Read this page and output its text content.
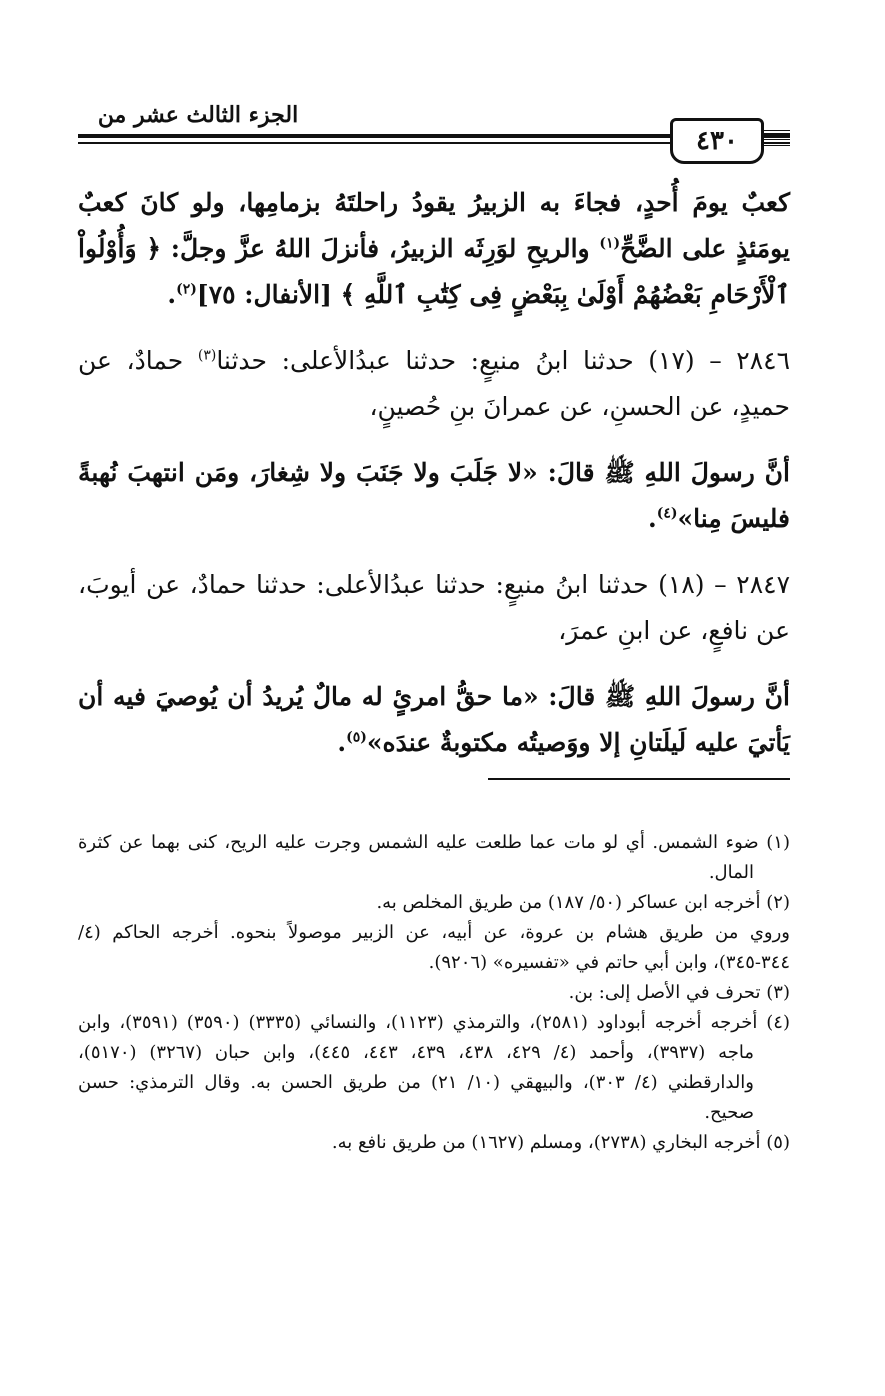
٤٣٠
الجزء الثالث عشر من

كعبٌ يومَ أُحدٍ، فجاءَ به الزبيرُ يقودُ راحلتَهُ بزمامِها، ولو كانَ كعبٌ يومَئذٍ على الضَّحِّ$^{(١)}$ والريحِ لوَرِثَه الزبيرُ، فأنزلَ اللهُ عزَّ وجلَّ: ﴿ وَأُوْلُواْ ٱلْأَرْحَامِ بَعْضُهُمْ أَوْلَىٰ بِبَعْضٍ فِى كِتَٰبِ ٱللَّهِ ﴾ [الأنفال: ٧٥]$^{(٢)}$.

٢٨٤٦ – (١٧) حدثنا ابنُ منيعٍ: حدثنا عبدُالأعلى: حدثنا$^{(٣)}$ حمادٌ، عن حميدٍ، عن الحسنِ، عن عمرانَ بنِ حُصينٍ،

أنَّ رسولَ اللهِ ﷺ قالَ: «لا جَلَبَ ولا جَنَبَ ولا شِغارَ، ومَن انتهبَ نُهبةً فليسَ مِنا»$^{(٤)}$.

٢٨٤٧ – (١٨) حدثنا ابنُ منيعٍ: حدثنا عبدُالأعلى: حدثنا حمادٌ، عن أيوبَ، عن نافعٍ، عن ابنِ عمرَ،

أنَّ رسولَ اللهِ ﷺ قالَ: «ما حقُّ امرئٍ له مالٌ يُريدُ أن يُوصيَ فيه أن يَأتيَ عليه لَيلَتانِ إلا ووَصيتُه مكتوبةٌ عندَه»$^{(٥)}$.

(١) ضوء الشمس. أي لو مات عما طلعت عليه الشمس وجرت عليه الريح، كنى بهما عن كثرة المال.

(٢) أخرجه ابن عساكر (٥٠/ ١٨٧) من طريق المخلص به.

وروي من طريق هشام بن عروة، عن أبيه، عن الزبير موصولاً بنحوه. أخرجه الحاكم (٤/ ٣٤٤-٣٤٥)، وابن أبي حاتم في «تفسيره» (٩٢٠٦).

(٣) تحرف في الأصل إلى: بن.

(٤) أخرجه أخرجه أبوداود (٢٥٨١)، والترمذي (١١٢٣)، والنسائي (٣٣٣٥) (٣٥٩٠) (٣٥٩١)، وابن ماجه (٣٩٣٧)، وأحمد (٤/ ٤٢٩، ٤٣٨، ٤٣٩، ٤٤٣، ٤٤٥)، وابن حبان (٣٢٦٧) (٥١٧٠)، والدارقطني (٤/ ٣٠٣)، والبيهقي (١٠/ ٢١) من طريق الحسن به. وقال الترمذي: حسن صحيح.

(٥) أخرجه البخاري (٢٧٣٨)، ومسلم (١٦٢٧) من طريق نافع به.
